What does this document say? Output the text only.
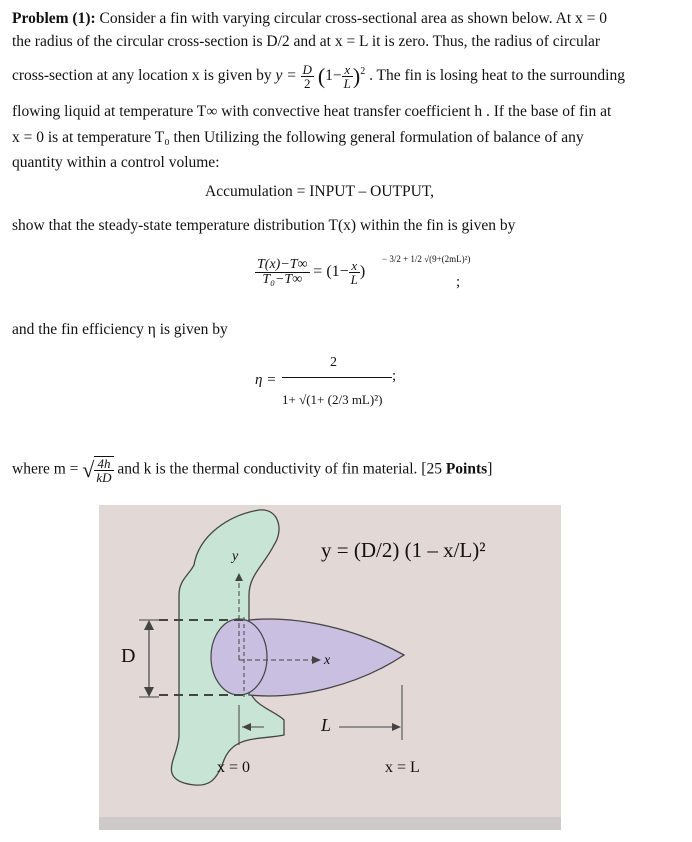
Problem (1): Consider a fin with varying circular cross-sectional area as shown below. At x = 0
the radius of the circular cross-section is D/2 and at x = L it is zero. Thus, the radius of circular
cross-section at any location x is given by $y = \frac{D}{2} (1- \frac{x}{L} )^2$ . The fin is losing heat to the surrounding
flowing liquid at temperature T∞ with convective heat transfer coefficient h . If the base of fin at
x = 0 is at temperature T₀ then Utilizing the following general formulation of balance of any
quantity within a control volume:
Accumulation = INPUT – OUTPUT,
show that the steady-state temperature distribution T(x) within the fin is given by
$\frac{T(x)-T\infty}{\text{T₀−T∞}} = (1- \frac{x}{L}$ )
− 3/2 + 1/2 √(9+(2mL)²)
;
and the fin efficiency η is given by
η =
2
1+ √(1+ (2/3 mL)²)
;
where m = √ $\frac{4h}{kD}$ and k is the thermal conductivity of fin material. [25 Points]
y = (D/2) (1 – x/L)²
y
x
D
L
x = 0	x = L
